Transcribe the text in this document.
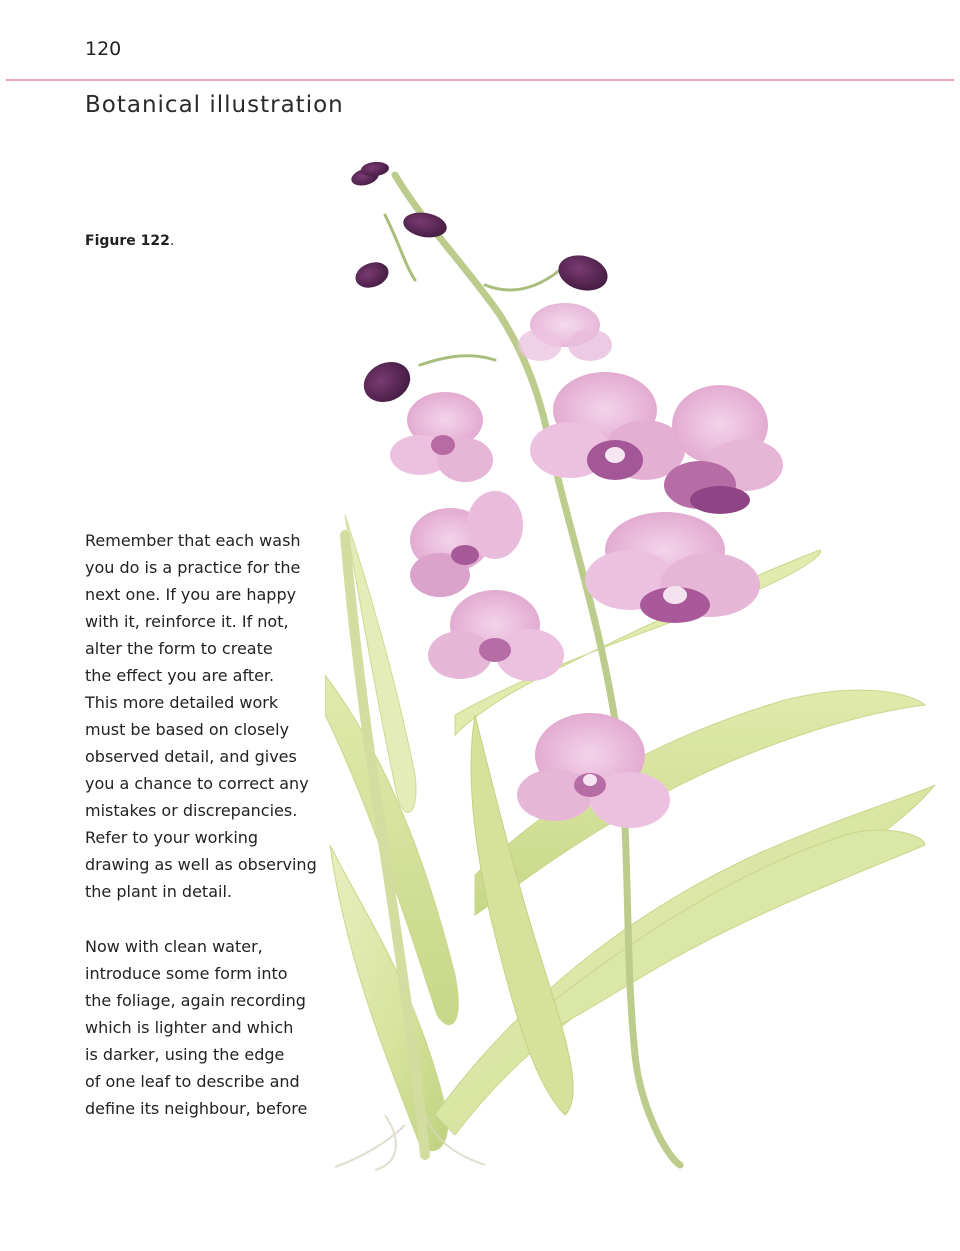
120
Botanical illustration
Figure 122.
Remember that each wash
you do is a practice for the
next one. If you are happy
with it, reinforce it. If not,
alter the form to create
the effect you are after.
This more detailed work
must be based on closely
observed detail, and gives
you a chance to correct any
mistakes or discrepancies.
Refer to your working
drawing as well as observing
the plant in detail.
Now with clean water,
introduce some form into
the foliage, again recording
which is lighter and which
is darker, using the edge
of one leaf to describe and
define its neighbour, before
